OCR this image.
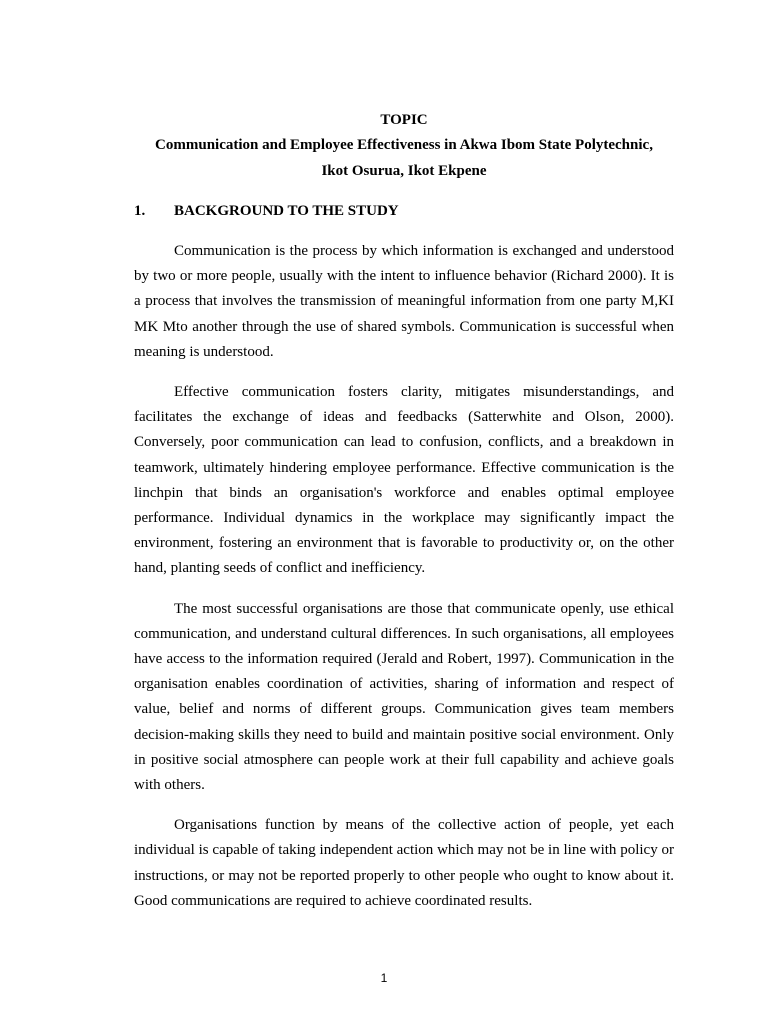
TOPIC

Communication and Employee Effectiveness in Akwa Ibom State Polytechnic,

Ikot Osurua, Ikot Ekpene

1.	BACKGROUND TO THE STUDY

Communication is the process by which information is exchanged and understood by two or more people, usually with the intent to influence behavior (Richard 2000). It is a process that involves the transmission of meaningful information from one party M,KI MK Mto another through the use of shared symbols. Communication is successful when meaning is understood.

Effective communication fosters clarity, mitigates misunderstandings, and facilitates the exchange of ideas and feedbacks (Satterwhite and Olson, 2000). Conversely, poor communication can lead to confusion, conflicts, and a breakdown in teamwork, ultimately hindering employee performance. Effective communication is the linchpin that binds an organisation's workforce and enables optimal employee performance. Individual dynamics in the workplace may significantly impact the environment, fostering an environment that is favorable to productivity or, on the other hand, planting seeds of conflict and inefficiency.

The most successful organisations are those that communicate openly, use ethical communication, and understand cultural differences. In such organisations, all employees have access to the information required (Jerald and Robert, 1997). Communication in the organisation enables coordination of activities, sharing of information and respect of value, belief and norms of different groups. Communication gives team members decision-making skills they need to build and maintain positive social environment. Only in positive social atmosphere can people work at their full capability and achieve goals with others.

Organisations function by means of the collective action of people, yet each individual is capable of taking independent action which may not be in line with policy or instructions, or may not be reported properly to other people who ought to know about it. Good communications are required to achieve coordinated results.

1
